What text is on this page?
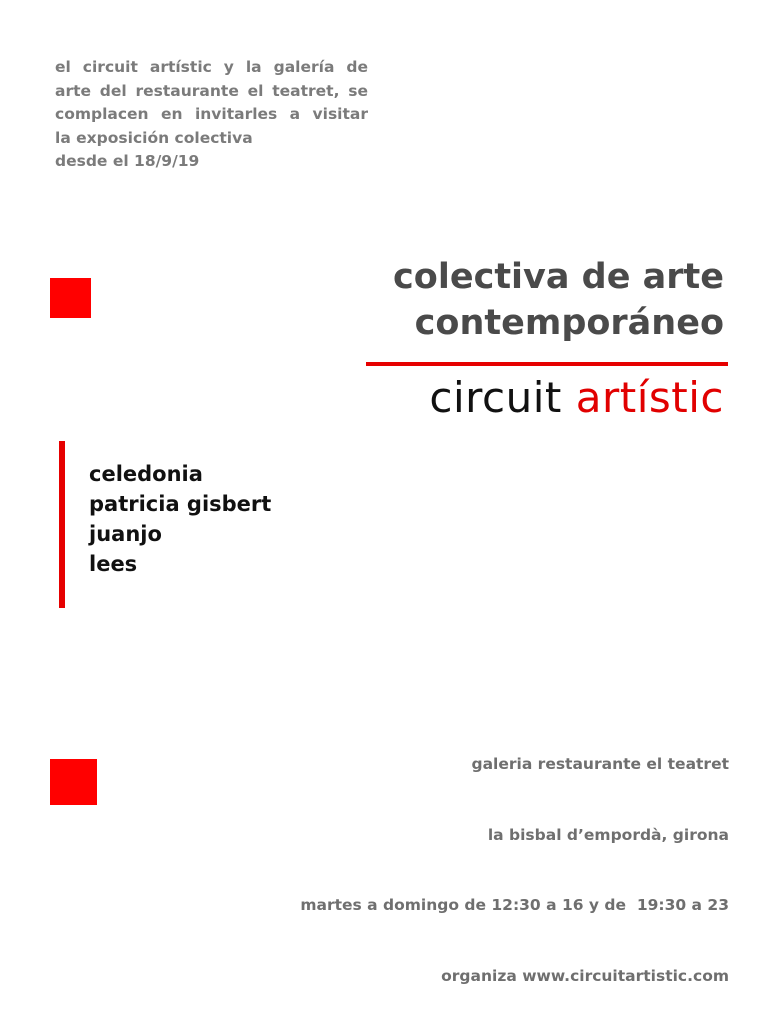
el circuit artístic y la galería de
arte del restaurante el teatret, se
complacen en invitarles a visitar
la exposición colectiva
desde el 18/9/19
colectiva de arte
contemporáneo
circuit artístic
celedonia
patricia gisbert
juanjo
lees

galeria restaurante el teatret

la bisbal d’empordà, girona

martes a domingo de 12:30 a 16 y de  19:30 a 23

organiza www.circuitartistic.com
